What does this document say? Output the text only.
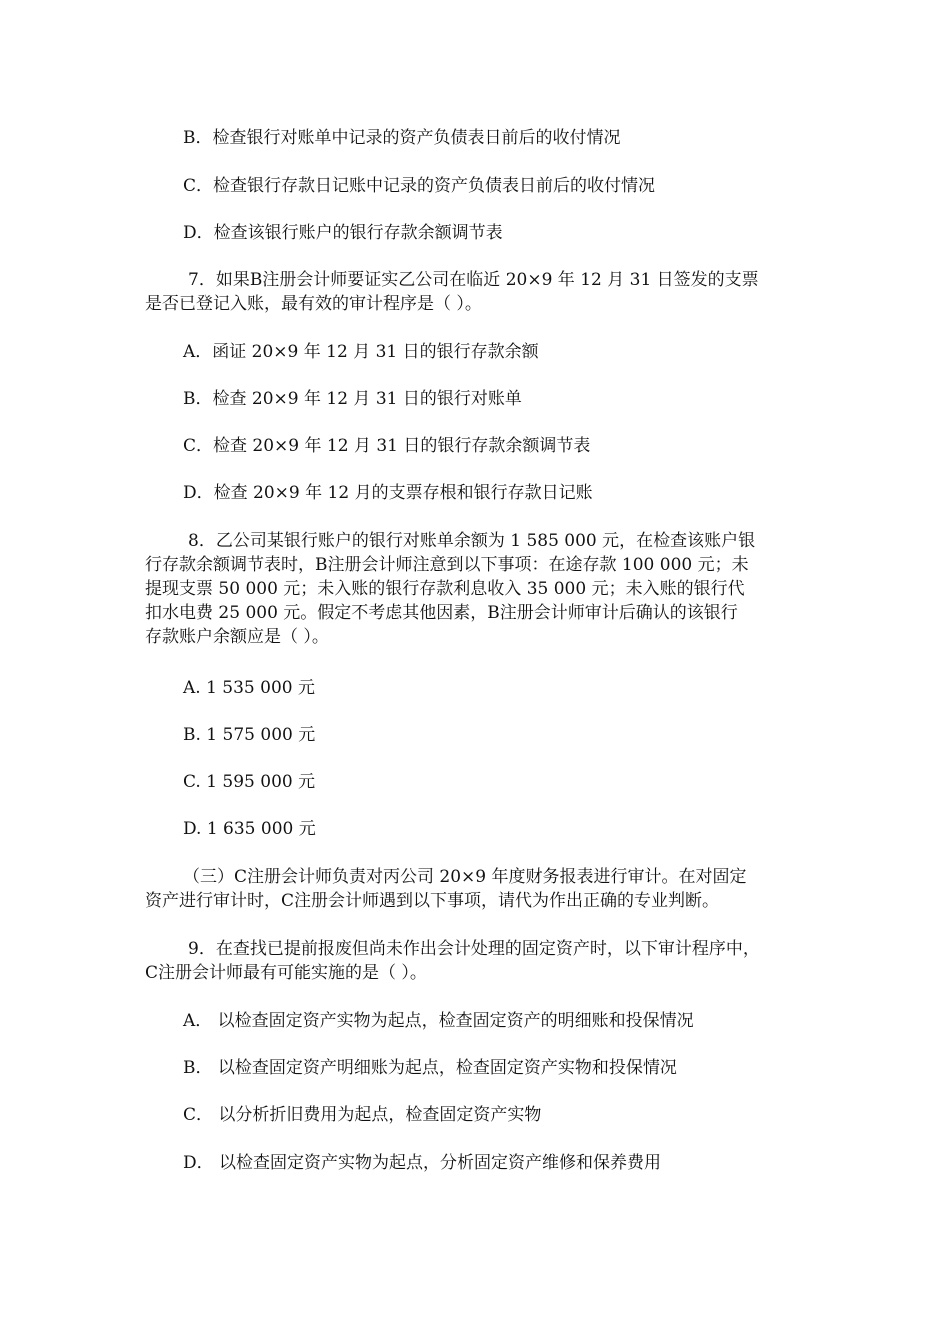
B．检查银行对账单中记录的资产负债表日前后的收付情况
C．检查银行存款日记账中记录的资产负债表日前后的收付情况
D．检查该银行账户的银行存款余额调节表
7．如果B注册会计师要证实乙公司在临近 20×9 年 12 月 31 日签发的支票
是否已登记入账，最有效的审计程序是（ ）。
A．函证 20×9 年 12 月 31 日的银行存款余额
B．检查 20×9 年 12 月 31 日的银行对账单
C．检查 20×9 年 12 月 31 日的银行存款余额调节表
D．检查 20×9 年 12 月的支票存根和银行存款日记账
8．乙公司某银行账户的银行对账单余额为 1 585 000 元，在检查该账户银
行存款余额调节表时，B注册会计师注意到以下事项：在途存款 100 000 元；未
提现支票 50 000 元；未入账的银行存款利息收入 35 000 元；未入账的银行代
扣水电费 25 000 元。假定不考虑其他因素，B注册会计师审计后确认的该银行
存款账户余额应是（ ）。
A. 1 535 000 元
B. 1 575 000 元
C. 1 595 000 元
D. 1 635 000 元
（三）C注册会计师负责对丙公司 20×9 年度财务报表进行审计。在对固定
资产进行审计时，C注册会计师遇到以下事项，请代为作出正确的专业判断。
9．在查找已提前报废但尚未作出会计处理的固定资产时，以下审计程序中，
C注册会计师最有可能实施的是（ ）。
A． 以检查固定资产实物为起点，检查固定资产的明细账和投保情况
B． 以检查固定资产明细账为起点，检查固定资产实物和投保情况
C． 以分析折旧费用为起点，检查固定资产实物
D． 以检查固定资产实物为起点，分析固定资产维修和保养费用
